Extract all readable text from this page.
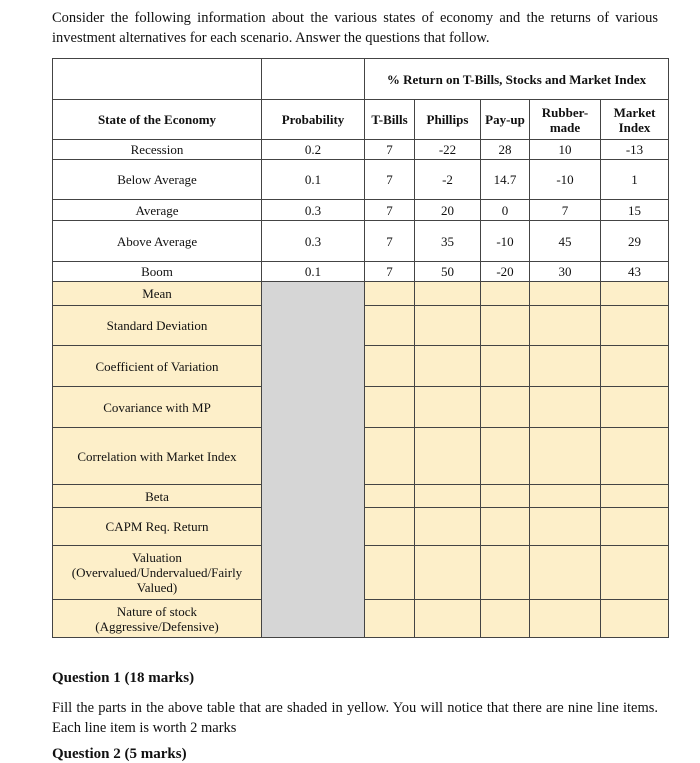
Consider the following information about the various states of economy and the returns of various investment alternatives for each scenario. Answer the questions that follow.
		% Return on T-Bills, Stocks and Market Index				
State of the Economy	Probability	T-Bills	Phillips	Pay-up	Rubber-made	Market Index
Recession	0.2	7	-22	28	10	-13
Below Average	0.1	7	-2	14.7	-10	1
Average	0.3	7	20	0	7	15
Above Average	0.3	7	35	-10	45	29
Boom	0.1	7	50	-20	30	43
Mean						
Standard Deviation						
Coefficient of Variation						
Covariance with MP						
Correlation with Market Index						
Beta						
CAPM Req. Return						
Valuation (Overvalued/Undervalued/Fairly Valued)						
Nature of stock (Aggressive/Defensive)						
Question 1 (18 marks)
Fill the parts in the above table that are shaded in yellow. You will notice that there are nine line items. Each line item is worth 2 marks
Question 2 (5 marks)
